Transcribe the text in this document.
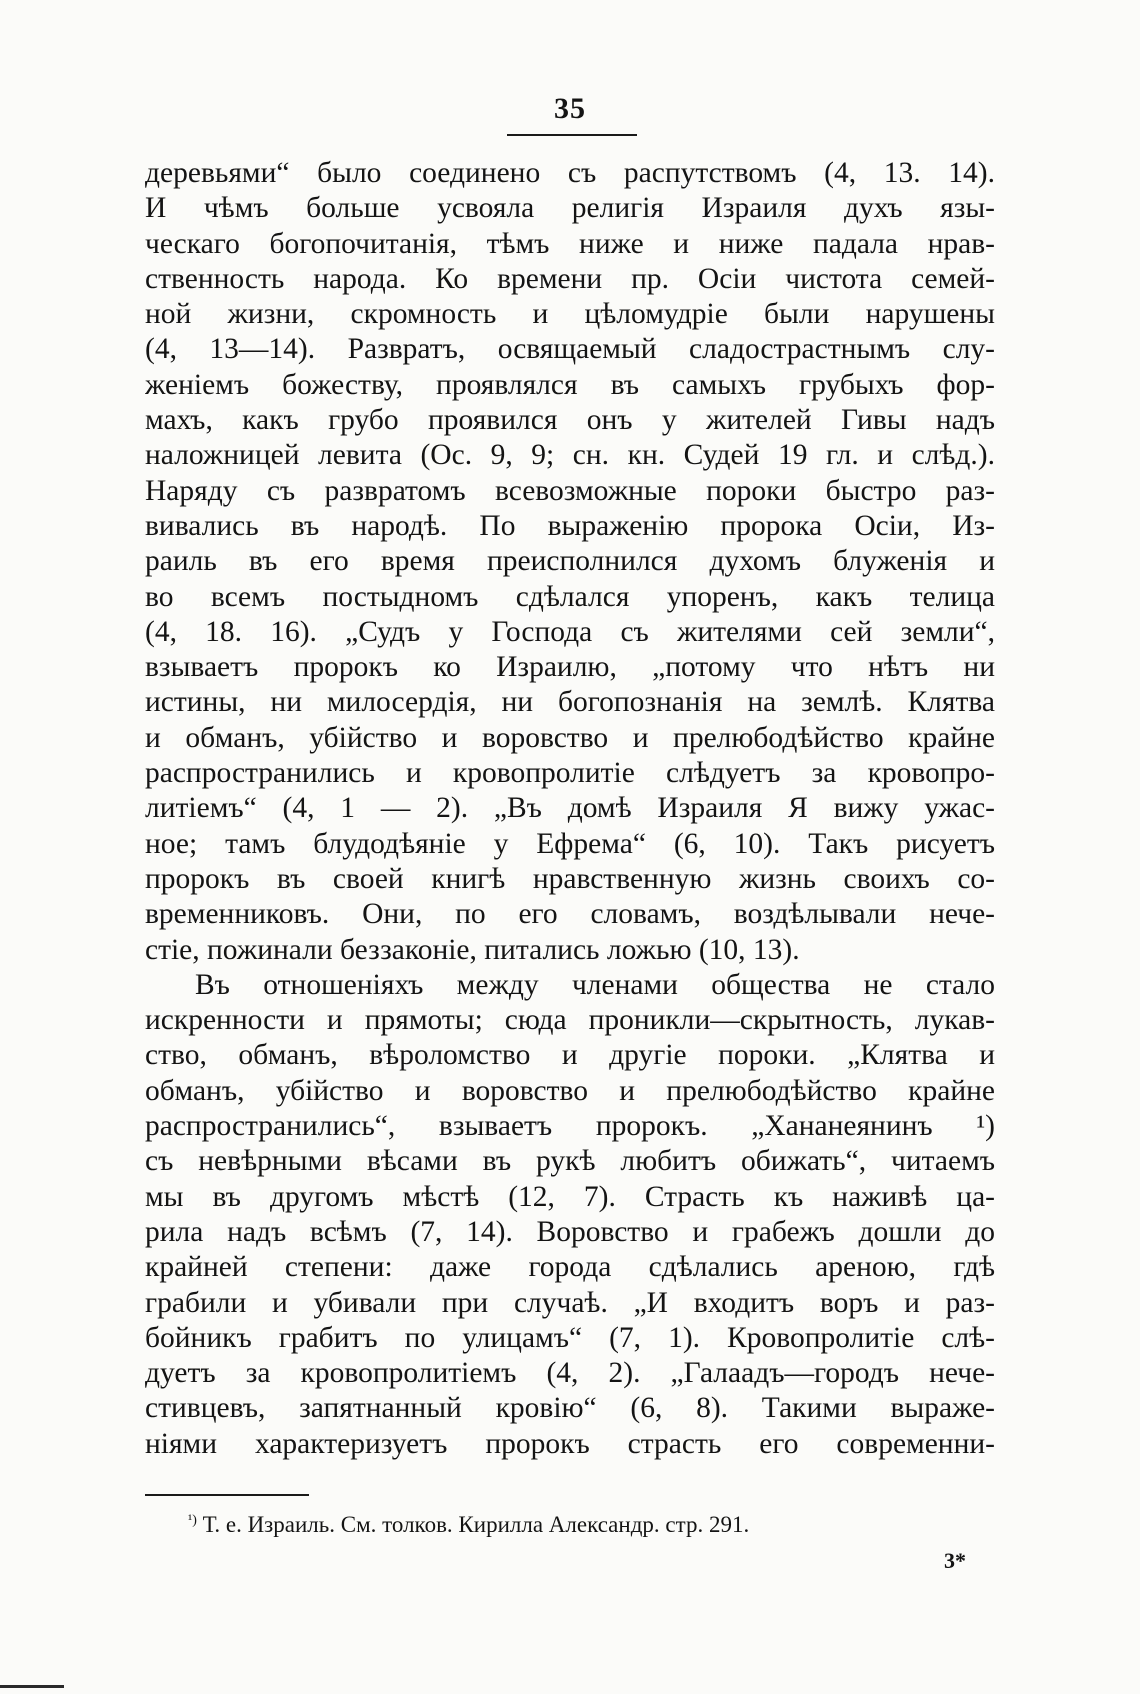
35
деревьями“ было соединено съ распутствомъ (4, 13. 14).
И чѣмъ больше усвояла религія Израиля духъ язы-
ческаго богопочитанія, тѣмъ ниже и ниже падала нрав-
ственность народа. Ко времени пр. Осіи чистота семей-
ной жизни, скромность и цѣломудріе были нарушены
(4, 13—14). Развратъ, освящаемый сладострастнымъ слу-
женіемъ божеству, проявлялся въ самыхъ грубыхъ фор-
махъ, какъ грубо проявился онъ у жителей Гивы надъ
наложницей левита (Ос. 9, 9; сн. кн. Судей 19 гл. и слѣд.).
Наряду съ развратомъ всевозможные пороки быстро раз-
вивались въ народѣ. По выраженію пророка Осіи, Из-
раиль въ его время преисполнился духомъ блуженія и
во всемъ постыдномъ сдѣлался упоренъ, какъ телица
(4, 18. 16). „Судъ у Господа съ жителями сей земли“,
взываетъ пророкъ ко Израилю, „потому что нѣтъ ни
истины, ни милосердія, ни богопознанія на землѣ. Клятва
и обманъ, убійство и воровство и прелюбодѣйство крайне
распространились и кровопролитіе слѣдуетъ за кровопро-
литіемъ“ (4, 1 — 2). „Въ домѣ Израиля Я вижу ужас-
ное; тамъ блудодѣяніе у Ефрема“ (6, 10). Такъ рисуетъ
пророкъ въ своей книгѣ нравственную жизнь своихъ со-
временниковъ. Они, по его словамъ, воздѣлывали нече-
стіе, пожинали беззаконіе, питались ложью (10, 13).
Въ отношеніяхъ между членами общества не стало
искренности и прямоты; сюда проникли—скрытность, лукав-
ство, обманъ, вѣроломство и другіе пороки. „Клятва и
обманъ, убійство и воровство и прелюбодѣйство крайне
распространились“, взываетъ пророкъ. „Хананеянинъ ¹)
съ невѣрными вѣсами въ рукѣ любитъ обижать“, читаемъ
мы въ другомъ мѣстѣ (12, 7). Страсть къ наживѣ ца-
рила надъ всѣмъ (7, 14). Воровство и грабежъ дошли до
крайней степени: даже города сдѣлались ареною, гдѣ
грабили и убивали при случаѣ. „И входитъ воръ и раз-
бойникъ грабитъ по улицамъ“ (7, 1). Кровопролитіе слѣ-
дуетъ за кровопролитіемъ (4, 2). „Галаадъ—городъ нече-
стивцевъ, запятнанный кровію“ (6, 8). Такими выраже-
ніями характеризуетъ пророкъ страсть его современни-
$^{^1)}$ Т. е. Израиль. См. толков. Кирилла Александр. стр. 291.
3*
